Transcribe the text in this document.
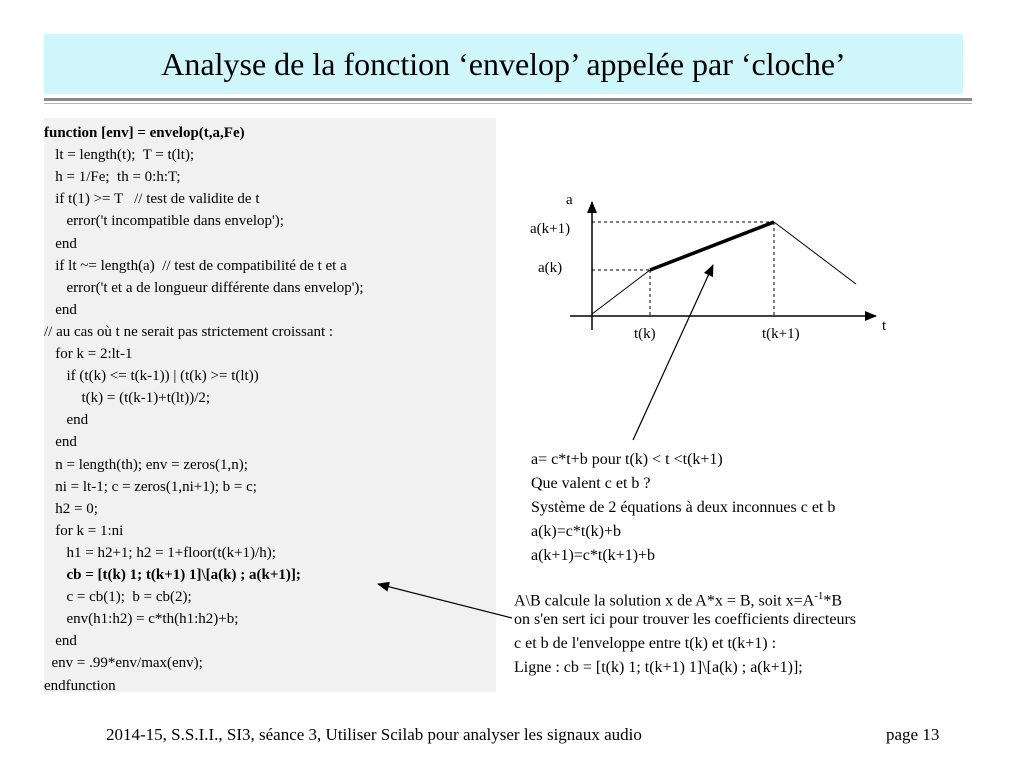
Analyse de la fonction ‘envelop’ appelée par ‘cloche’
function [env] = envelop(t,a,Fe)
lt = length(t);  T = t(lt);
h = 1/Fe;  th = 0:h:T;
if t(1) >= T   // test de validite de t
error('t incompatible dans envelop');
end
if lt ~= length(a)  // test de compatibilité de t et a
error('t et a de longueur différente dans envelop');
end
// au cas où t ne serait pas strictement croissant :
for k = 2:lt-1
if (t(k) <= t(k-1)) | (t(k) >= t(lt))
t(k) = (t(k-1)+t(lt))/2;
end
end
n = length(th); env = zeros(1,n);
ni = lt-1; c = zeros(1,ni+1); b = c;
h2 = 0;
for k = 1:ni
h1 = h2+1; h2 = 1+floor(t(k+1)/h);
cb = [t(k) 1; t(k+1) 1]\[a(k) ; a(k+1)];
c = cb(1);  b = cb(2);
env(h1:h2) = c*th(h1:h2)+b;
end
env = .99*env/max(env);
endfunction
a
t
a(k+1)
a(k)
t(k)	t(k+1)
a= c*t+b pour t(k) < t <t(k+1)
Que valent c et b ?
Système de 2 équations à deux inconnues c et b
a(k)=c*t(k)+b
a(k+1)=c*t(k+1)+b
A\B calcule la solution x de A*x = B, soit $x=A^{-1}*B$
on s'en sert ici pour trouver les coefficients directeurs
c et b de l'enveloppe entre t(k) et t(k+1) :
Ligne : cb = [t(k) 1; t(k+1) 1]\[a(k) ; a(k+1)];
2014-15, S.S.I.I., SI3, séance 3, Utiliser Scilab pour analyser les signaux audio	page 13
